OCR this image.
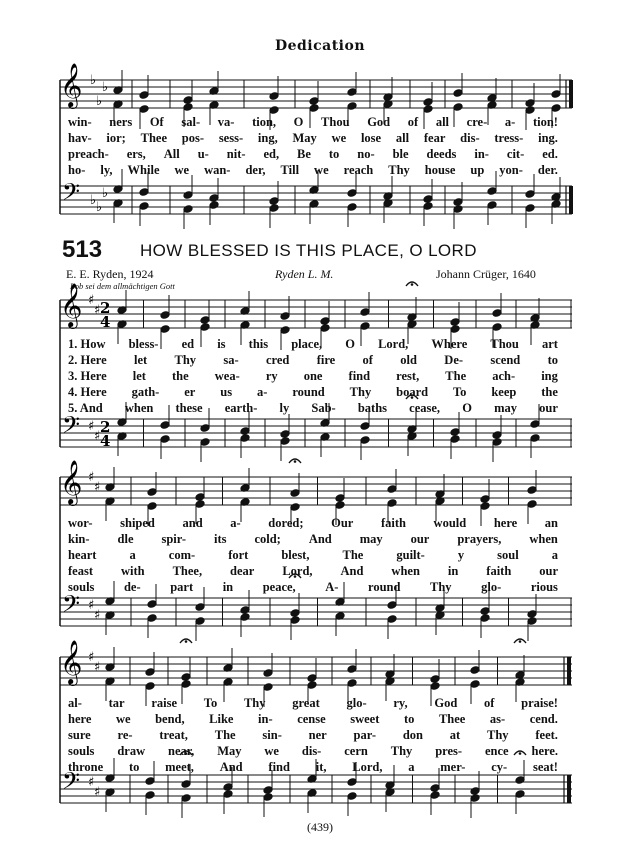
Dedication
𝄞
𝄢
♭
♭
♭
♭ ♭
♭
𝄞
𝄢
♯
♯
♯
♯
2
4
2
4
𝄞
𝄢
♯
♯
♯
♯
𝄞
𝄢
♯
♯
♯
♯
win- ners Of sal- va- tion, O Thou God of all cre- a- tion!
hav- ior; Thee pos- sess- ing, May we lose all fear dis- tress- ing.
preach- ers, All u- nit- ed, Be to no- ble deeds in- cit- ed.
ho- ly, While we wan- der, Till we reach Thy house up yon- der.
513 HOW BLESSED IS THIS PLACE, O LORD
E. E. Ryden, 1924	Ryden L. M.	Johann Crüger, 1640
Lob sei dem allmächtigen Gott
1. How bless- ed is this place, O Lord, Where Thou art
2. Here let Thy sa- cred fire of old De- scend to
3. Here let the wea- ry one find rest, The ach- ing
4. Here gath- er us a- round Thy board To keep the
5. And when these earth- ly Sab- baths cease, O may our
wor- shiped and a- dored; Our faith would here an
kin- dle spir- its cold; And may our prayers, when
heart	a	com-	fort	blest,	The	guilt-	y	soul	a
feast with Thee, dear Lord, And when in faith our
souls de- part in peace, A- round Thy glo- rious
al- tar raise To Thy great glo- ry, God of praise!
here we bend, Like in- cense sweet to Thee as- cend.
sure re- treat, The sin- ner par- don at Thy feet.
souls draw near, May we dis- cern Thy pres- ence here.
throne to meet, And find it, Lord, a mer- cy- seat!
(439)
